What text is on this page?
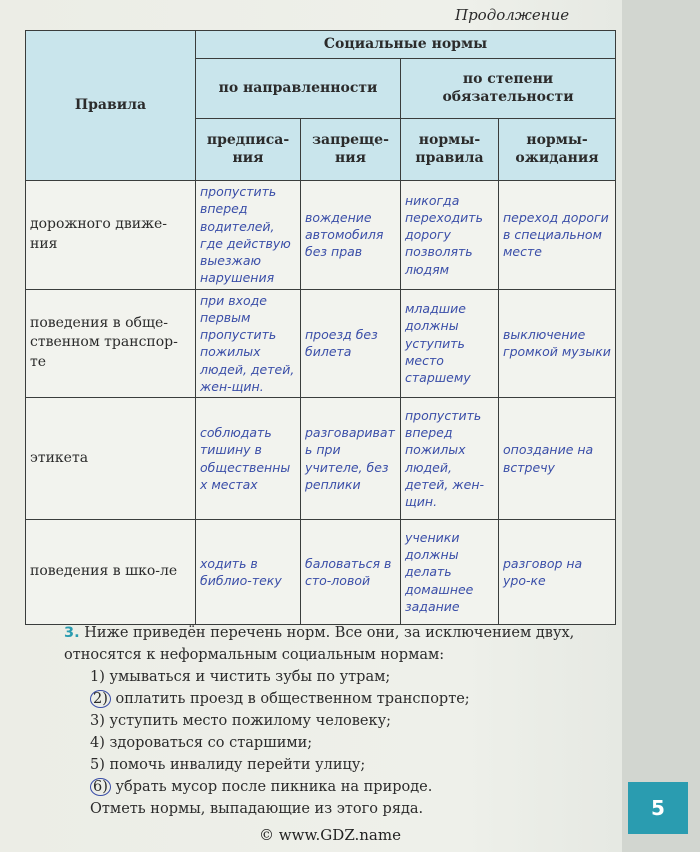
Продолжение
Правила	Социальные нормы			
	по направленности		по степени обязательности	
	предписа-ния	запреще-ния	нормы-правила	нормы-ожидания
дорожного движе-ния	пропустить вперед водителей, где действую выезжаю нарушения	вождение автомобиля без прав	никогда переходить дорогу позволять людям	переход дороги в специальном месте
поведения в обще-ственном транспор-те	при входе первым пропустить пожилых людей, детей, жен-щин.	проезд без билета	младшие должны уступить место старшему	выключение громкой музыки
этикета	соблюдать тишину в общественных местах	разговаривать при учителе, без реплики	пропустить вперед пожилых людей, детей, жен-щин.	опоздание на встречу
поведения в шко-ле	ходить в библио-теку	баловаться в сто-ловой	ученики должны делать домашнее задание	разговор на уро-ке

3. Ниже приведён перечень норм. Все они, за исключением двух,

относятся к неформальным социальным нормам:

1) умываться и чистить зубы по утрам;
2) оплатить проезд в общественном транспорте;
3) уступить место пожилому человеку;
4) здороваться со старшими;
5) помочь инвалиду перейти улицу;
6) убрать мусор после пикника на природе.

Отметь нормы, выпадающие из этого ряда.	5
© www.GDZ.name
